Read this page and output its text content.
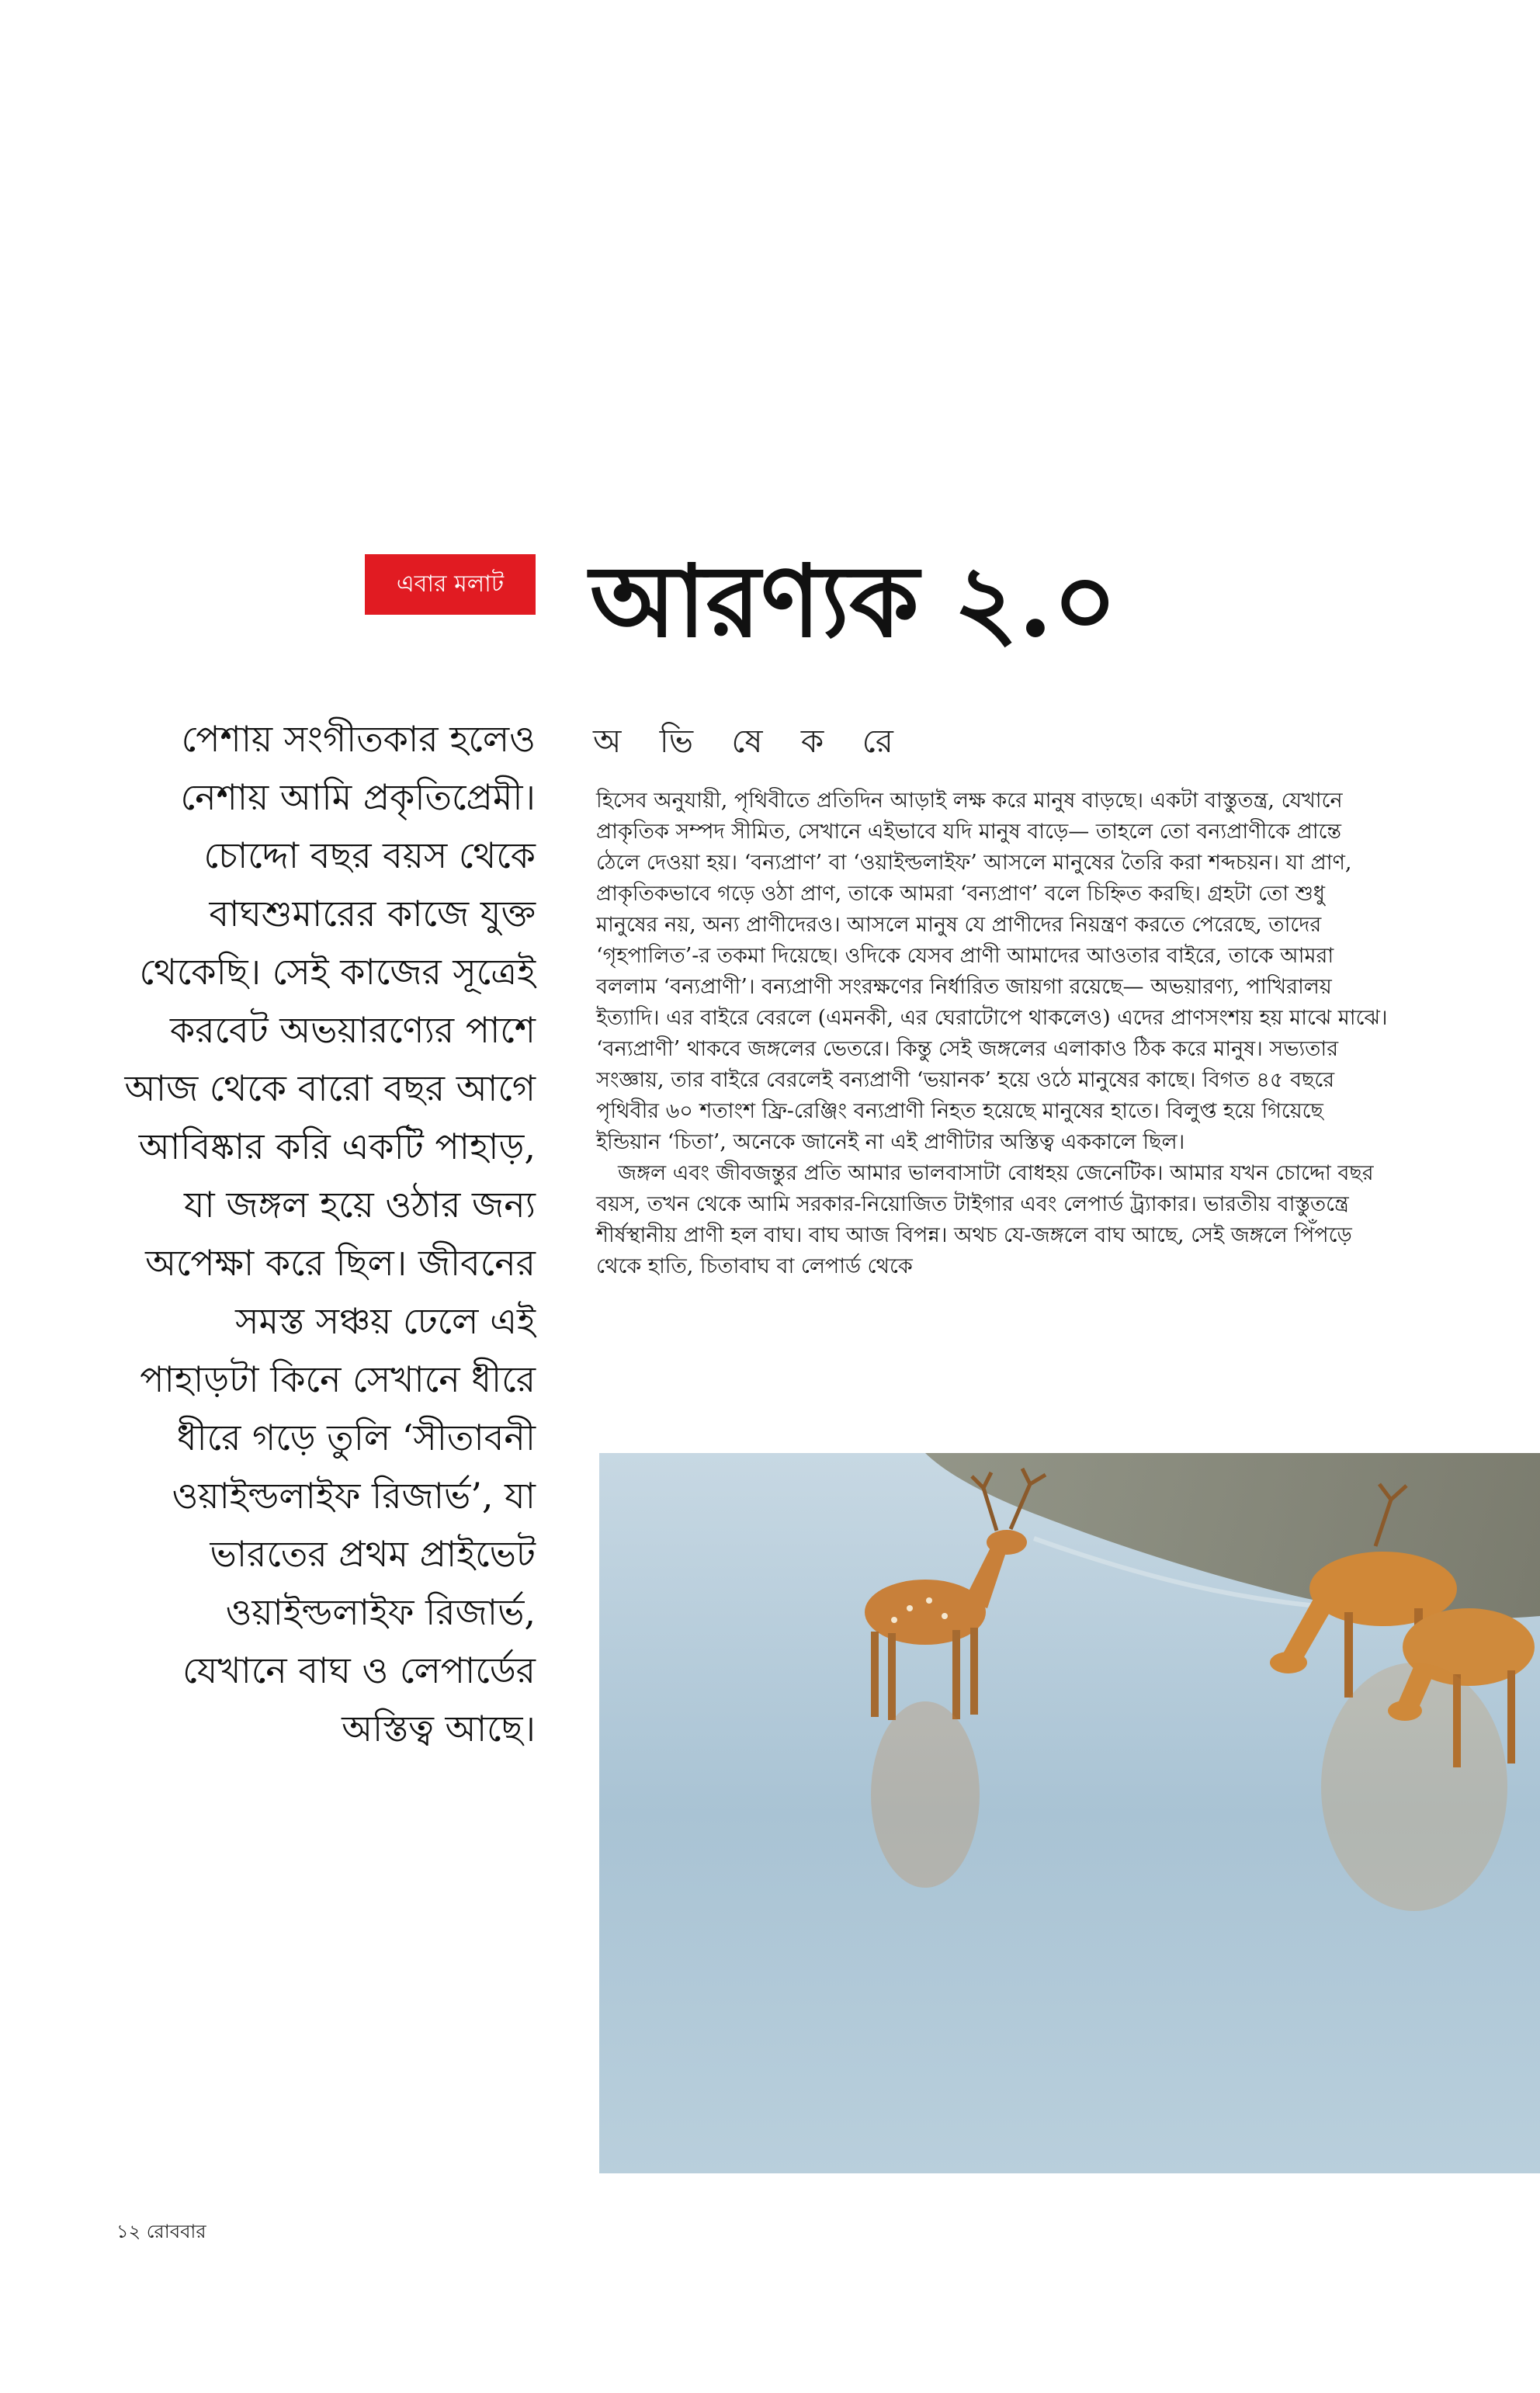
এবার মলাট আরণ্যক ২.০
অ ভি ষে ক রে

পেশায় সংগীতকার হলেও নেশায় আমি প্রকৃতিপ্রেমী। চোদ্দো বছর বয়স থেকে বাঘশুমারের কাজে যুক্ত থেকেছি। সেই কাজের সূত্রেই করবেট অভয়ারণ্যের পাশে আজ থেকে বারো বছর আগে আবিষ্কার করি একটি পাহাড়, যা জঙ্গল হয়ে ওঠার জন্য অপেক্ষা করে ছিল। জীবনের সমস্ত সঞ্চয় ঢেলে এই পাহাড়টা কিনে সেখানে ধীরে ধীরে গড়ে তুলি ‘সীতাবনী ওয়াইল্ডলাইফ রিজার্ভ’, যা ভারতের প্রথম প্রাইভেট ওয়াইল্ডলাইফ রিজার্ভ, যেখানে বাঘ ও লেপার্ডের অস্তিত্ব আছে।

হিসেব অনুযায়ী, পৃথিবীতে প্রতিদিন আড়াই লক্ষ করে মানুষ বাড়ছে। একটা বাস্তুতন্ত্র, যেখানে প্রাকৃতিক সম্পদ সীমিত, সেখানে এইভাবে যদি মানুষ বাড়ে— তাহলে তো বন্যপ্রাণীকে প্রান্তে ঠেলে দেওয়া হয়। ‘বন্যপ্রাণ’ বা ‘ওয়াইল্ডলাইফ’ আসলে মানুষের তৈরি করা শব্দচয়ন। যা প্রাণ, প্রাকৃতিকভাবে গড়ে ওঠা প্রাণ, তাকে আমরা ‘বন্যপ্রাণ’ বলে চিহ্নিত করছি। গ্রহটা তো শুধু মানুষের নয়, অন্য প্রাণীদেরও। আসলে মানুষ যে প্রাণীদের নিয়ন্ত্রণ করতে পেরেছে, তাদের ‘গৃহপালিত’-র তকমা দিয়েছে। ওদিকে যেসব প্রাণী আমাদের আওতার বাইরে, তাকে আমরা বললাম ‘বন্যপ্রাণী’। বন্যপ্রাণী সংরক্ষণের নির্ধারিত জায়গা রয়েছে— অভয়ারণ্য, পাখিরালয় ইত্যাদি। এর বাইরে বেরলে (এমনকী, এর ঘেরাটোপে থাকলেও) এদের প্রাণসংশয় হয় মাঝে মাঝে। ‘বন্যপ্রাণী’ থাকবে জঙ্গলের ভেতরে। কিন্তু সেই জঙ্গলের এলাকাও ঠিক করে মানুষ। সভ্যতার সংজ্ঞায়, তার বাইরে বেরলেই বন্যপ্রাণী ‘ভয়ানক’ হয়ে ওঠে মানুষের কাছে। বিগত ৪৫ বছরে পৃথিবীর ৬০ শতাংশ ফ্রি-রেঞ্জিং বন্যপ্রাণী নিহত হয়েছে মানুষের হাতে। বিলুপ্ত হয়ে গিয়েছে ইন্ডিয়ান ‘চিতা’, অনেকে জানেই না এই প্রাণীটার অস্তিত্ব এককালে ছিল।

জঙ্গল এবং জীবজন্তুর প্রতি আমার ভালবাসাটা বোধহয় জেনেটিক। আমার যখন চোদ্দো বছর বয়স, তখন থেকে আমি সরকার-নিয়োজিত টাইগার এবং লেপার্ড ট্র্যাকার। ভারতীয় বাস্তুতন্ত্রে শীর্ষস্থানীয় প্রাণী হল বাঘ। বাঘ আজ বিপন্ন। অথচ যে-জঙ্গলে বাঘ আছে, সেই জঙ্গলে পিঁপড়ে থেকে হাতি, চিতাবাঘ বা লেপার্ড থেকে

১২ রোববার
